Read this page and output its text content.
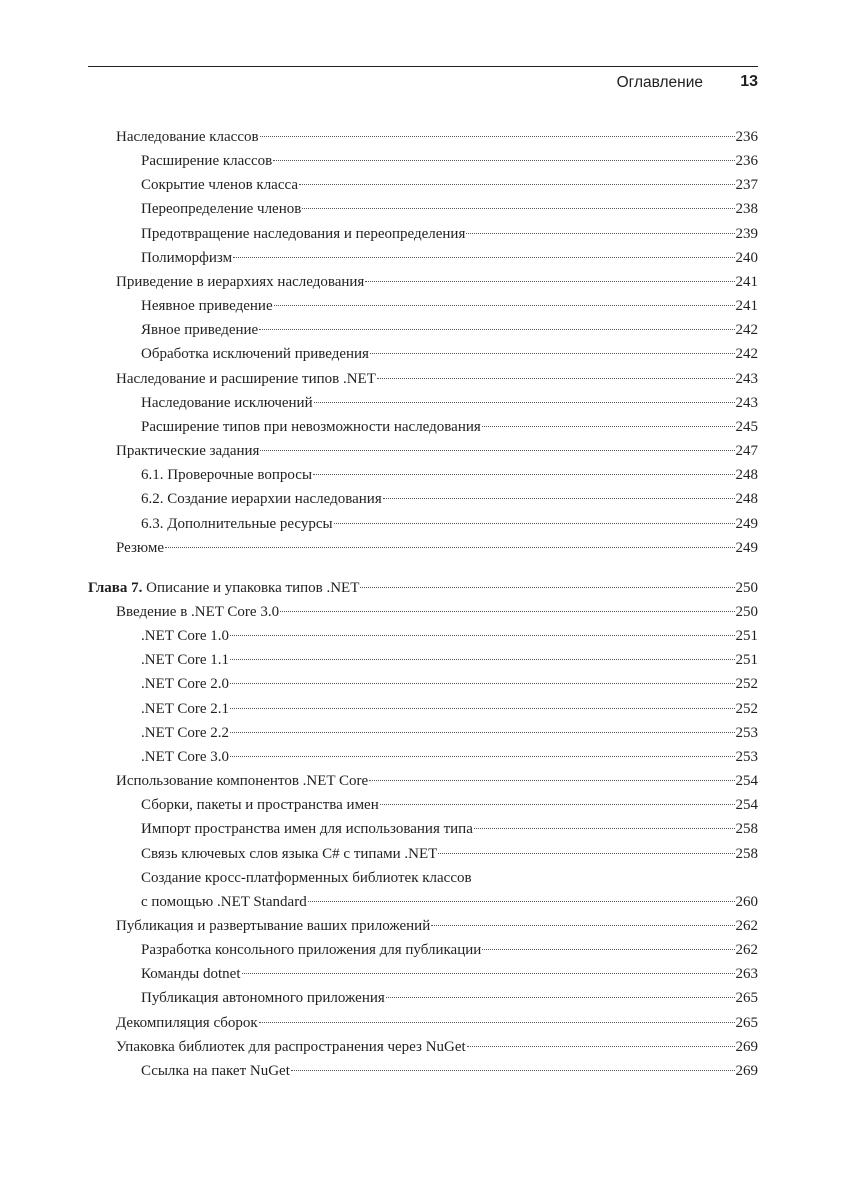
Оглавление 13
Наследование классов	236
Расширение классов	236
Сокрытие членов класса	237
Переопределение членов	238
Предотвращение наследования и переопределения	239
Полиморфизм	240
Приведение в иерархиях наследования	241
Неявное приведение	241
Явное приведение	242
Обработка исключений приведения	242
Наследование и расширение типов .NET	243
Наследование исключений	243
Расширение типов при невозможности наследования	245
Практические задания	247
6.1. Проверочные вопросы	248
6.2. Создание иерархии наследования	248
6.3. Дополнительные ресурсы	249
Резюме	249
Глава 7. Описание и упаковка типов .NET	250
Введение в .NET Core 3.0	250
.NET Core 1.0	251
.NET Core 1.1	251
.NET Core 2.0	252
.NET Core 2.1	252
.NET Core 2.2	253
.NET Core 3.0	253
Использование компонентов .NET Core	254
Сборки, пакеты и пространства имен	254
Импорт пространства имен для использования типа	258
Связь ключевых слов языка C# с типами .NET	258
Создание кросс-платформенных библиотек классов
с помощью .NET Standard	260
Публикация и развертывание ваших приложений	262
Разработка консольного приложения для публикации	262
Команды dotnet	263
Публикация автономного приложения	265
Декомпиляция сборок	265
Упаковка библиотек для распространения через NuGet	269
Ссылка на пакет NuGet	269
